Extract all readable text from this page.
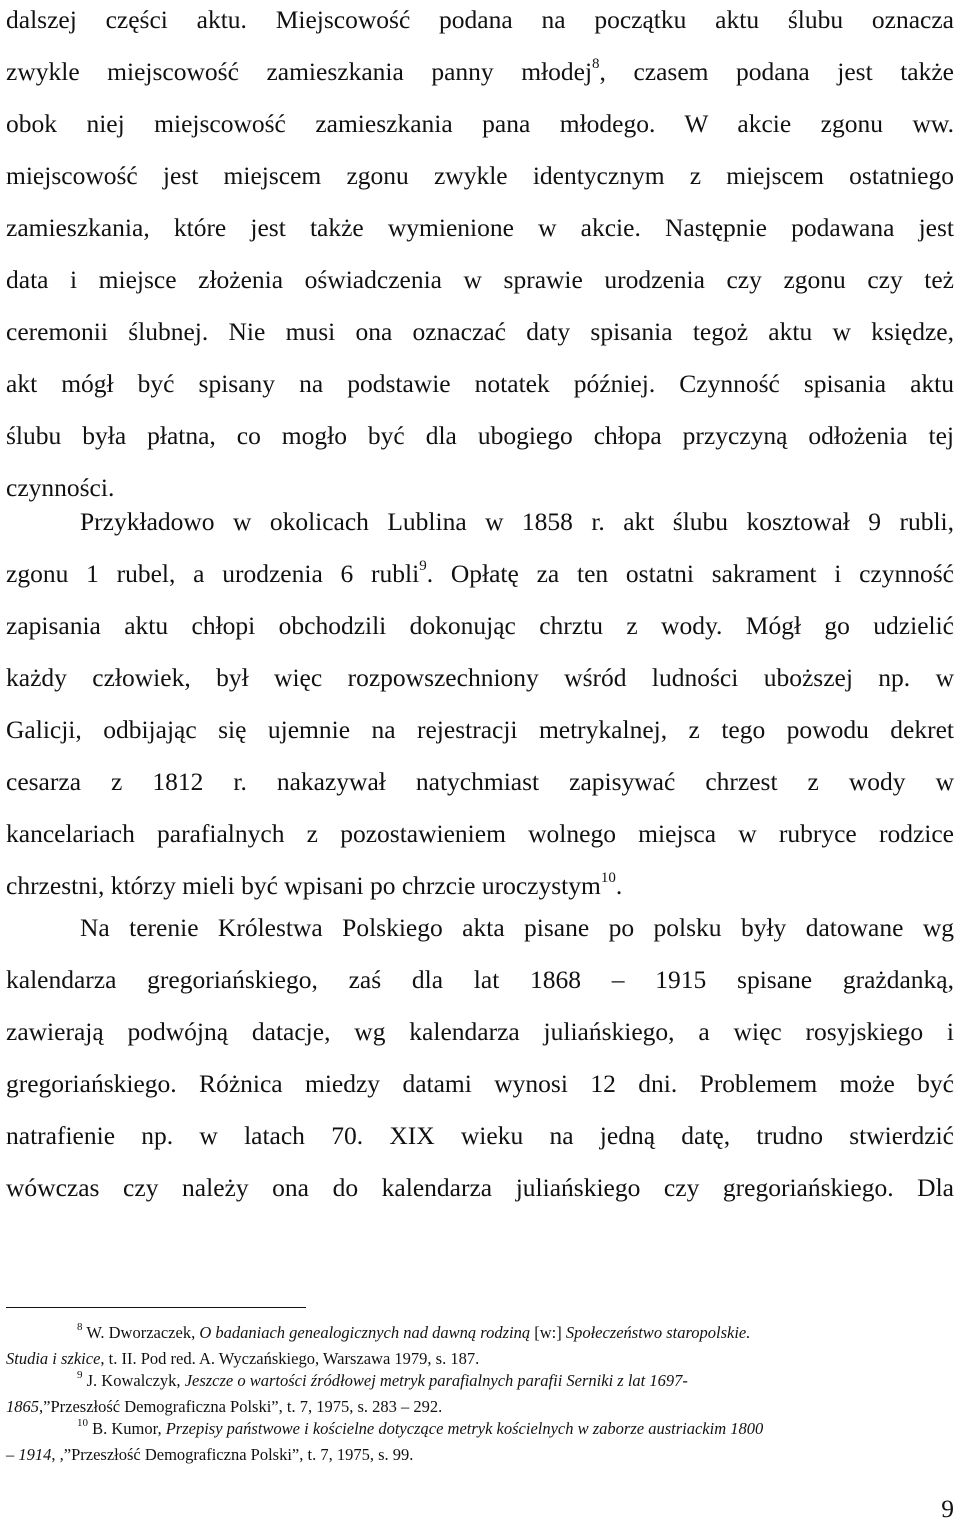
dalszej części aktu. Miejscowość podana na początku aktu ślubu oznacza
zwykle miejscowość zamieszkania panny młodej$^8$, czasem podana jest także
obok niej miejscowość zamieszkania pana młodego. W akcie zgonu ww.
miejscowość jest miejscem zgonu zwykle identycznym z miejscem ostatniego
zamieszkania, które jest także wymienione w akcie. Następnie podawana jest
data i miejsce złożenia oświadczenia w sprawie urodzenia czy zgonu czy też
ceremonii ślubnej. Nie musi ona oznaczać daty spisania tegoż aktu w księdze,
akt mógł być spisany na podstawie notatek później. Czynność spisania aktu
ślubu była płatna, co mogło być dla ubogiego chłopa przyczyną odłożenia tej
czynności.
Przykładowo w okolicach Lublina w 1858 r. akt ślubu kosztował 9 rubli,
zgonu 1 rubel, a urodzenia 6 rubli$^9$. Opłatę za ten ostatni sakrament i czynność
zapisania aktu chłopi obchodzili dokonując chrztu z wody. Mógł go udzielić
każdy człowiek, był więc rozpowszechniony wśród ludności uboższej np. w
Galicji, odbijając się ujemnie na rejestracji metrykalnej, z tego powodu dekret
cesarza z 1812 r. nakazywał natychmiast zapisywać chrzest z wody w
kancelariach parafialnych z pozostawieniem wolnego miejsca w rubryce rodzice
chrzestni, którzy mieli być wpisani po chrzcie uroczystym$^{10}$.
Na terenie Królestwa Polskiego akta pisane po polsku były datowane wg
kalendarza gregoriańskiego, zaś dla lat 1868 – 1915 spisane grażdanką,
zawierają podwójną datacje, wg kalendarza juliańskiego, a więc rosyjskiego i
gregoriańskiego. Różnica miedzy datami wynosi 12 dni. Problemem może być
natrafienie np. w latach 70. XIX wieku na jedną datę, trudno stwierdzić
wówczas czy należy ona do kalendarza juliańskiego czy gregoriańskiego. Dla
$^8$ W. Dworzaczek, O badaniach genealogicznych nad dawną rodziną [w:] Społeczeństwo staropolskie.
Studia i szkice, t. II. Pod red. A. Wyczańskiego, Warszawa 1979, s. 187.
$^9$ J. Kowalczyk, Jeszcze o wartości źródłowej metryk parafialnych parafii Serniki z lat 1697-
1865,”Przeszłość Demograficzna Polski”, t. 7, 1975, s. 283 – 292.
$^{10}$ B. Kumor, Przepisy państwowe i kościelne dotyczące metryk kościelnych w zaborze austriackim 1800
– 1914, ,”Przeszłość Demograficzna Polski”, t. 7, 1975, s. 99.
9
